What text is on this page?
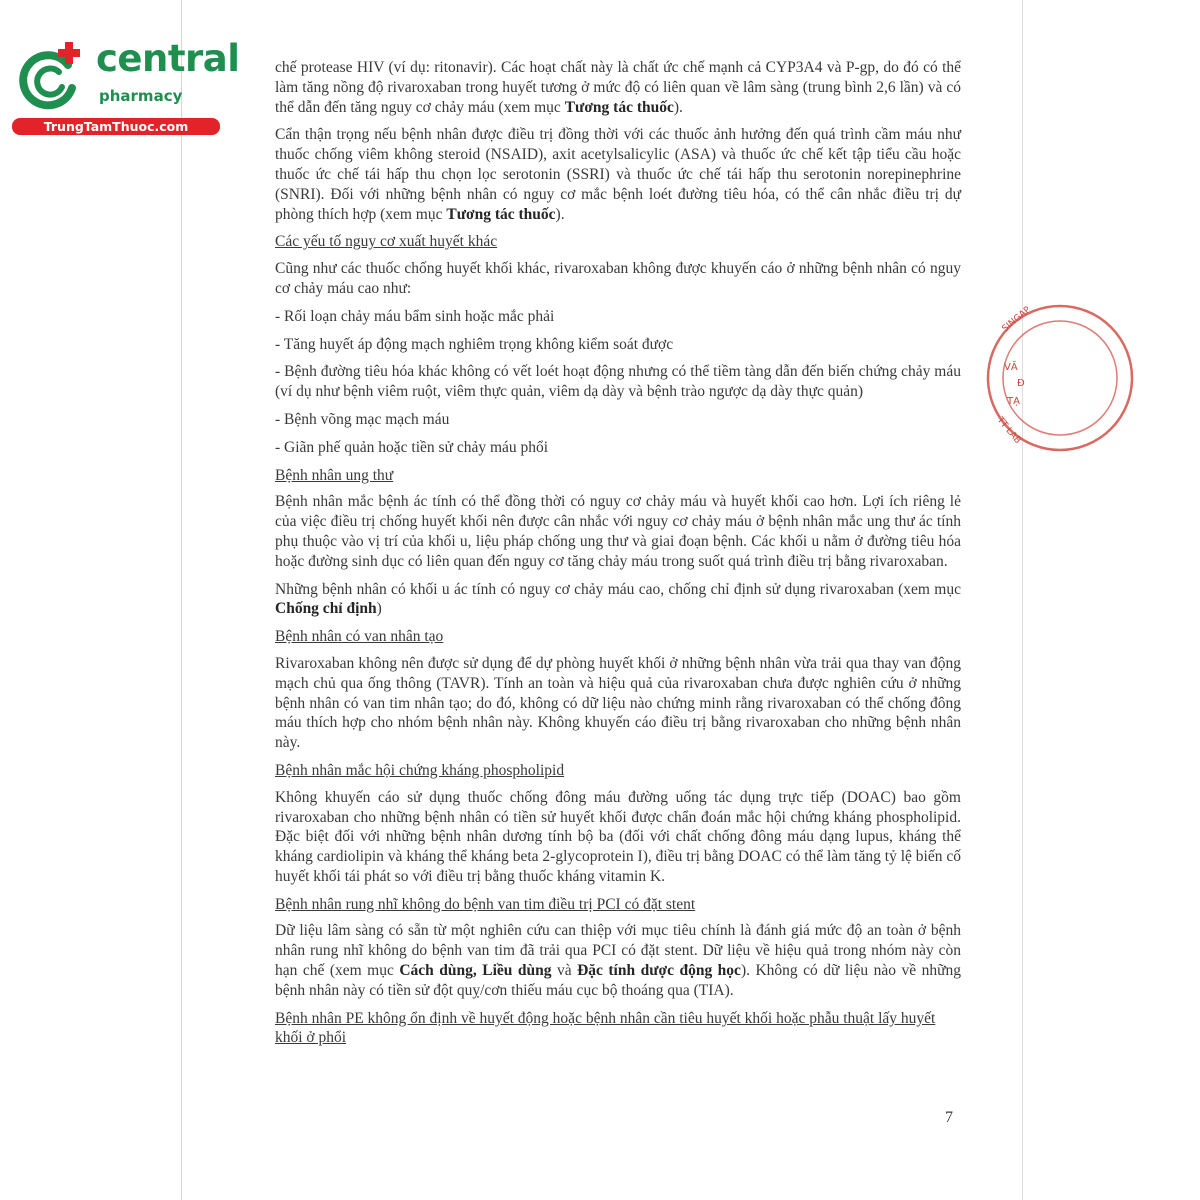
central
pharmacy
TrungTamThuoc.com
SINGAP
VĂ
Đ
TẠ
TT LAB

chế protease HIV (ví dụ: ritonavir). Các hoạt chất này là chất ức chế mạnh cả CYP3A4 và P-gp, do đó có thể làm tăng nồng độ rivaroxaban trong huyết tương ở mức độ có liên quan về lâm sàng (trung bình 2,6 lần) và có thể dẫn đến tăng nguy cơ chảy máu (xem mục Tương tác thuốc).

Cẩn thận trọng nếu bệnh nhân được điều trị đồng thời với các thuốc ảnh hưởng đến quá trình cầm máu như thuốc chống viêm không steroid (NSAID), axit acetylsalicylic (ASA) và thuốc ức chế kết tập tiểu cầu hoặc thuốc ức chế tái hấp thu chọn lọc serotonin (SSRI) và thuốc ức chế tái hấp thu serotonin norepinephrine (SNRI). Đối với những bệnh nhân có nguy cơ mắc bệnh loét đường tiêu hóa, có thể cân nhắc điều trị dự phòng thích hợp (xem mục Tương tác thuốc).

Các yếu tố nguy cơ xuất huyết khác

Cũng như các thuốc chống huyết khối khác, rivaroxaban không được khuyến cáo ở những bệnh nhân có nguy cơ chảy máu cao như:

- Rối loạn chảy máu bẩm sinh hoặc mắc phải

- Tăng huyết áp động mạch nghiêm trọng không kiểm soát được

- Bệnh đường tiêu hóa khác không có vết loét hoạt động nhưng có thể tiềm tàng dẫn đến biến chứng chảy máu (ví dụ như bệnh viêm ruột, viêm thực quản, viêm dạ dày và bệnh trào ngược dạ dày thực quản)

- Bệnh võng mạc mạch máu

- Giãn phế quản hoặc tiền sử chảy máu phổi

Bệnh nhân ung thư

Bệnh nhân mắc bệnh ác tính có thể đồng thời có nguy cơ chảy máu và huyết khối cao hơn. Lợi ích riêng lẻ của việc điều trị chống huyết khối nên được cân nhắc với nguy cơ chảy máu ở bệnh nhân mắc ung thư ác tính phụ thuộc vào vị trí của khối u, liệu pháp chống ung thư và giai đoạn bệnh. Các khối u nằm ở đường tiêu hóa hoặc đường sinh dục có liên quan đến nguy cơ tăng chảy máu trong suốt quá trình điều trị bằng rivaroxaban.

Những bệnh nhân có khối u ác tính có nguy cơ chảy máu cao, chống chỉ định sử dụng rivaroxaban (xem mục Chống chỉ định)

Bệnh nhân có van nhân tạo

Rivaroxaban không nên được sử dụng để dự phòng huyết khối ở những bệnh nhân vừa trải qua thay van động mạch chủ qua ống thông (TAVR). Tính an toàn và hiệu quả của rivaroxaban chưa được nghiên cứu ở những bệnh nhân có van tim nhân tạo; do đó, không có dữ liệu nào chứng minh rằng rivaroxaban có thể chống đông máu thích hợp cho nhóm bệnh nhân này. Không khuyến cáo điều trị bằng rivaroxaban cho những bệnh nhân này.

Bệnh nhân mắc hội chứng kháng phospholipid

Không khuyến cáo sử dụng thuốc chống đông máu đường uống tác dụng trực tiếp (DOAC) bao gồm rivaroxaban cho những bệnh nhân có tiền sử huyết khối được chẩn đoán mắc hội chứng kháng phospholipid. Đặc biệt đối với những bệnh nhân dương tính bộ ba (đối với chất chống đông máu dạng lupus, kháng thể kháng cardiolipin và kháng thể kháng beta 2-glycoprotein I), điều trị bằng DOAC có thể làm tăng tỷ lệ biến cố huyết khối tái phát so với điều trị bằng thuốc kháng vitamin K.

Bệnh nhân rung nhĩ không do bệnh van tim điều trị PCI có đặt stent

Dữ liệu lâm sàng có sẵn từ một nghiên cứu can thiệp với mục tiêu chính là đánh giá mức độ an toàn ở bệnh nhân rung nhĩ không do bệnh van tim đã trải qua PCI có đặt stent. Dữ liệu về hiệu quả trong nhóm này còn hạn chế (xem mục Cách dùng, Liều dùng và Đặc tính dược động học). Không có dữ liệu nào về những bệnh nhân này có tiền sử đột quỵ/cơn thiếu máu cục bộ thoáng qua (TIA).

Bệnh nhân PE không ổn định về huyết động hoặc bệnh nhân cần tiêu huyết khối hoặc phẫu thuật lấy huyết khối ở phổi

7
